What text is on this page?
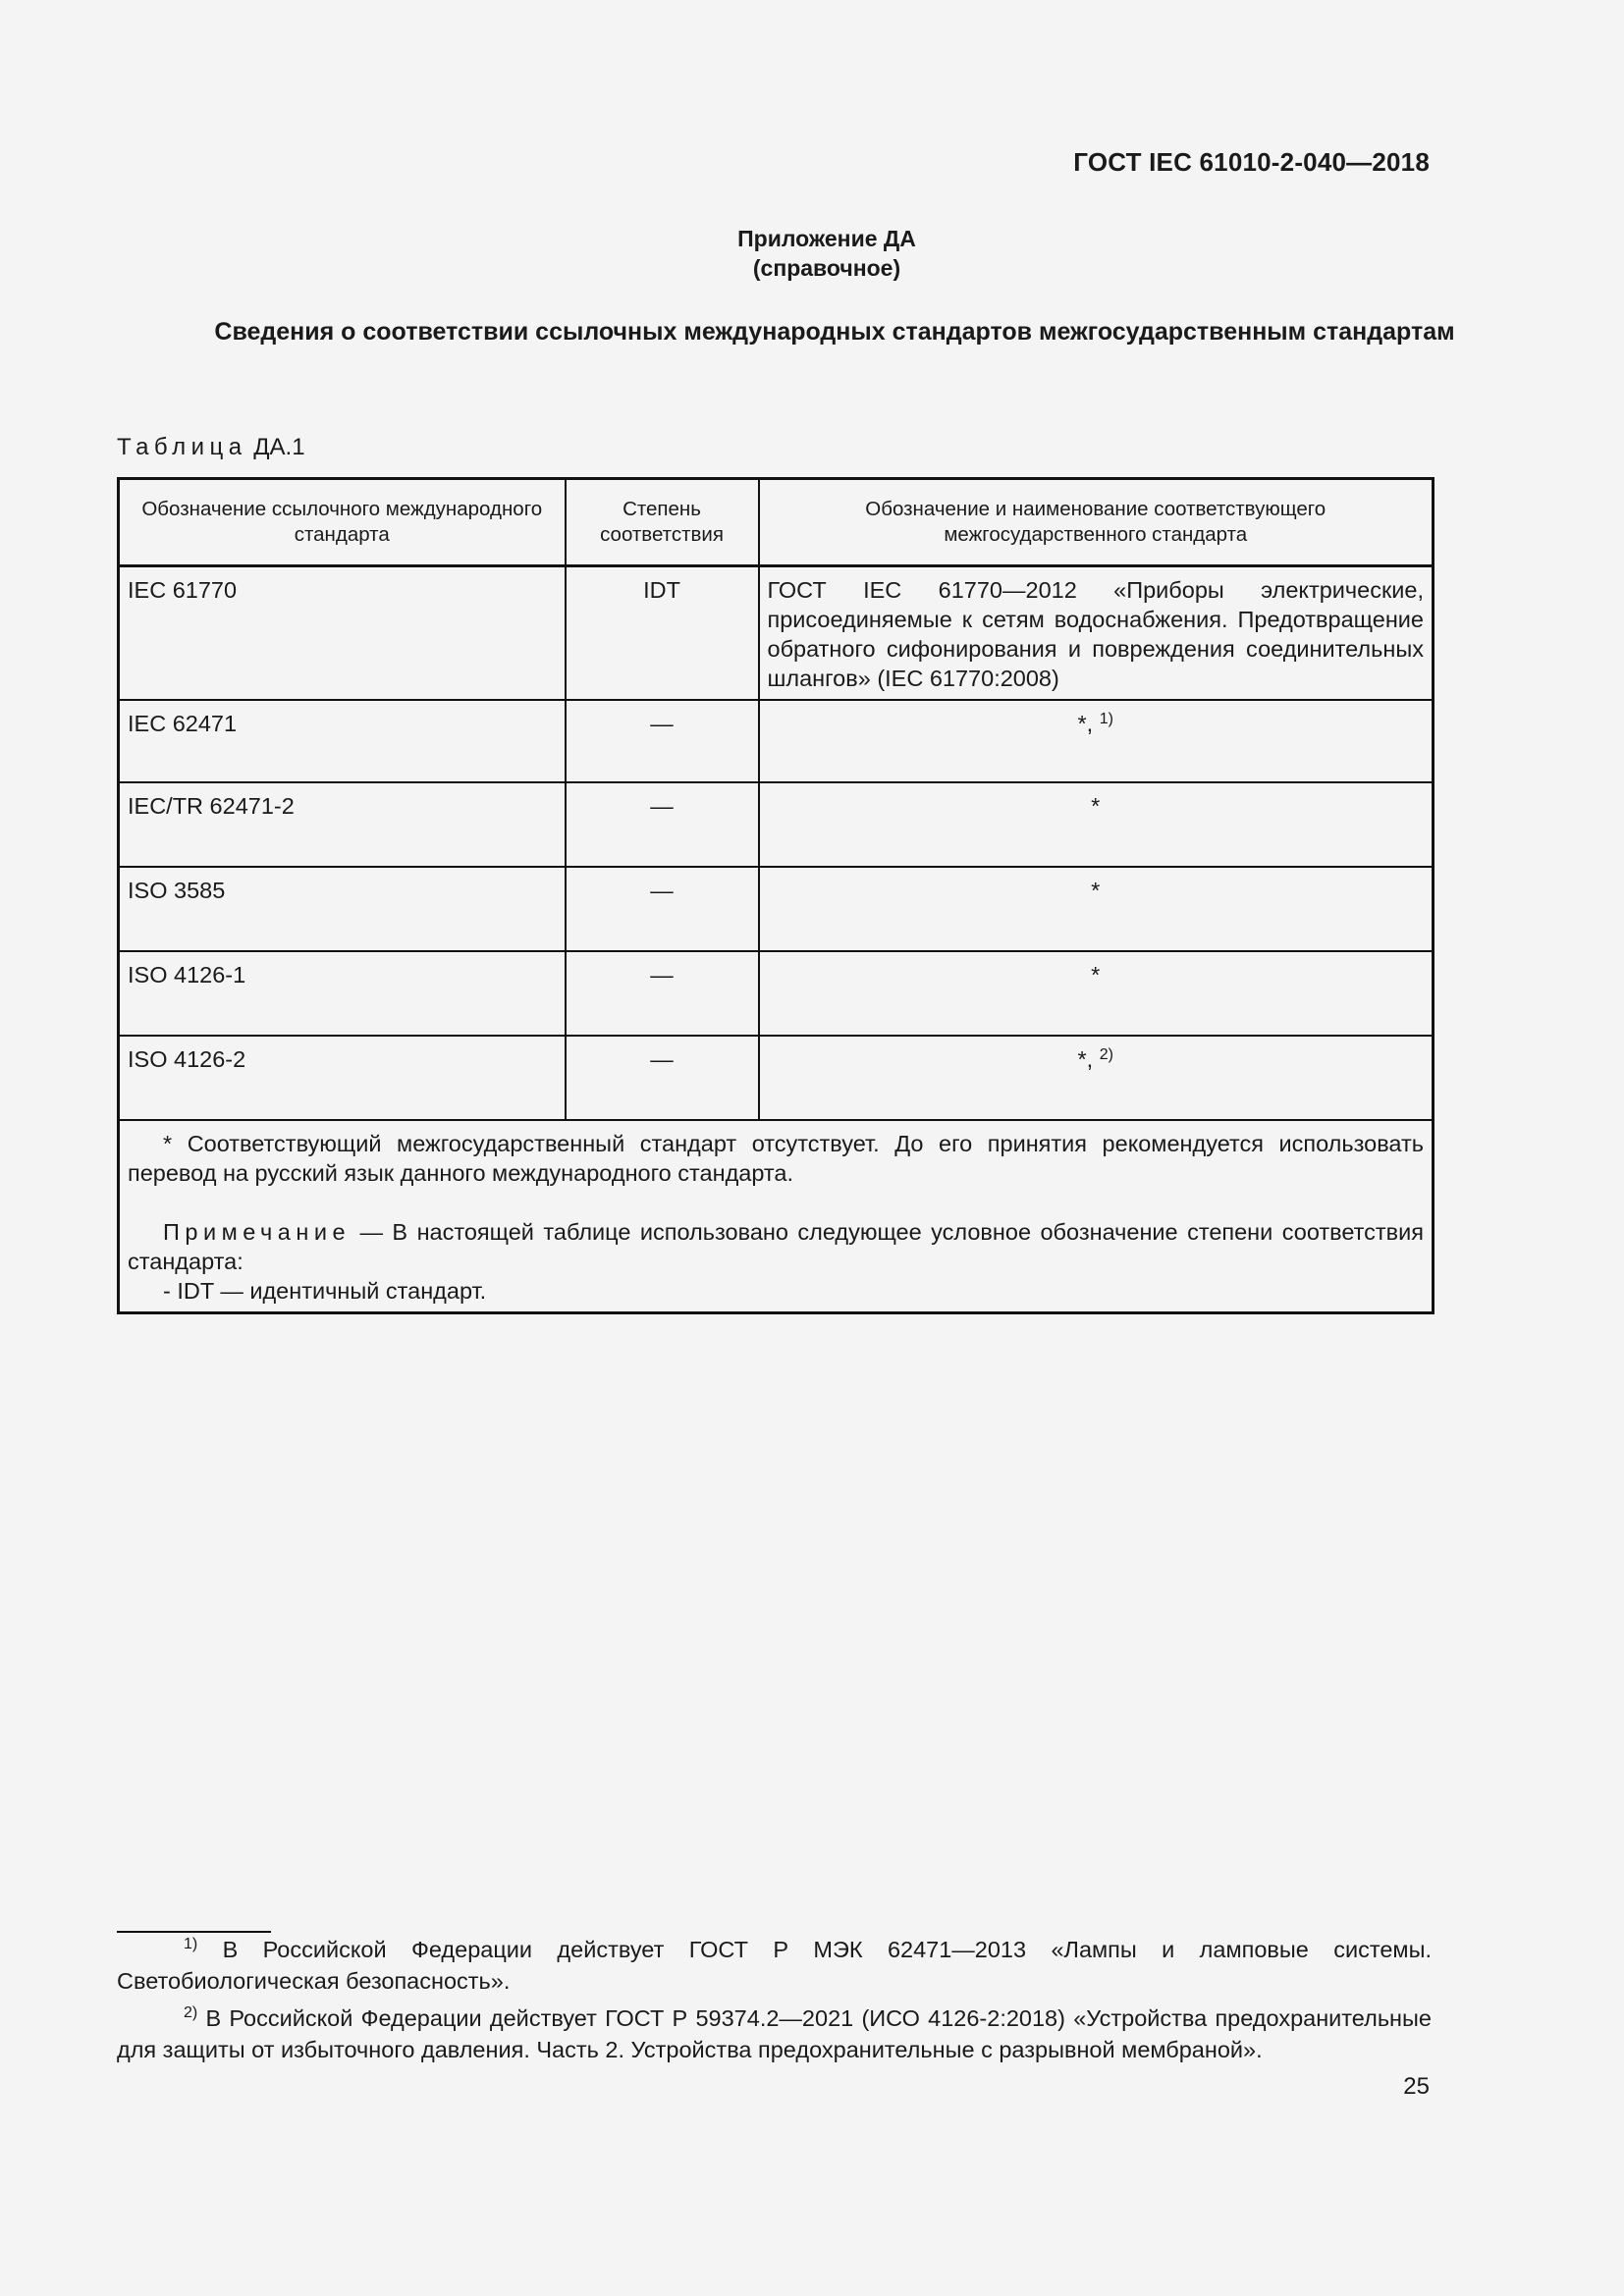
ГОСТ IEC 61010-2-040—2018
Приложение ДА
(справочное)
Сведения о соответствии ссылочных международных стандартов межгосударственным стандартам
Таблица ДА.1
Обозначение ссылочного международного стандарта	Степень соответствия	Обозначение и наименование соответствующего межгосударственного стандарта
IEC 61770	IDT	ГОСТ IEC 61770—2012 «Приборы электрические, присоединяемые к сетям водоснабжения. Предотвращение обратного сифонирования и повреждения соединительных шлангов» (IEC 61770:2008)
IEC 62471	—	*, $^{1)}$
IEC/TR 62471-2	—	*
ISO 3585	—	*
ISO 4126-1	—	*
ISO 4126-2	—	*, $^{2)}$

* Соответствующий межгосударственный стандарт отсутствует. До его принятия рекомендуется использовать перевод на русский язык данного международного стандарта.

Примечание — В настоящей таблице использовано следующее условное обозначение степени соответствия стандарта:

- IDT — идентичный стандарт.		

$^{1)}$ В Российской Федерации действует ГОСТ Р МЭК 62471—2013 «Лампы и ламповые системы. Светобиологическая безопасность».

$^{2)}$ В Российской Федерации действует ГОСТ Р 59374.2—2021 (ИСО 4126-2:2018) «Устройства предохранительные для защиты от избыточного давления. Часть 2. Устройства предохранительные с разрывной мембраной».

25
